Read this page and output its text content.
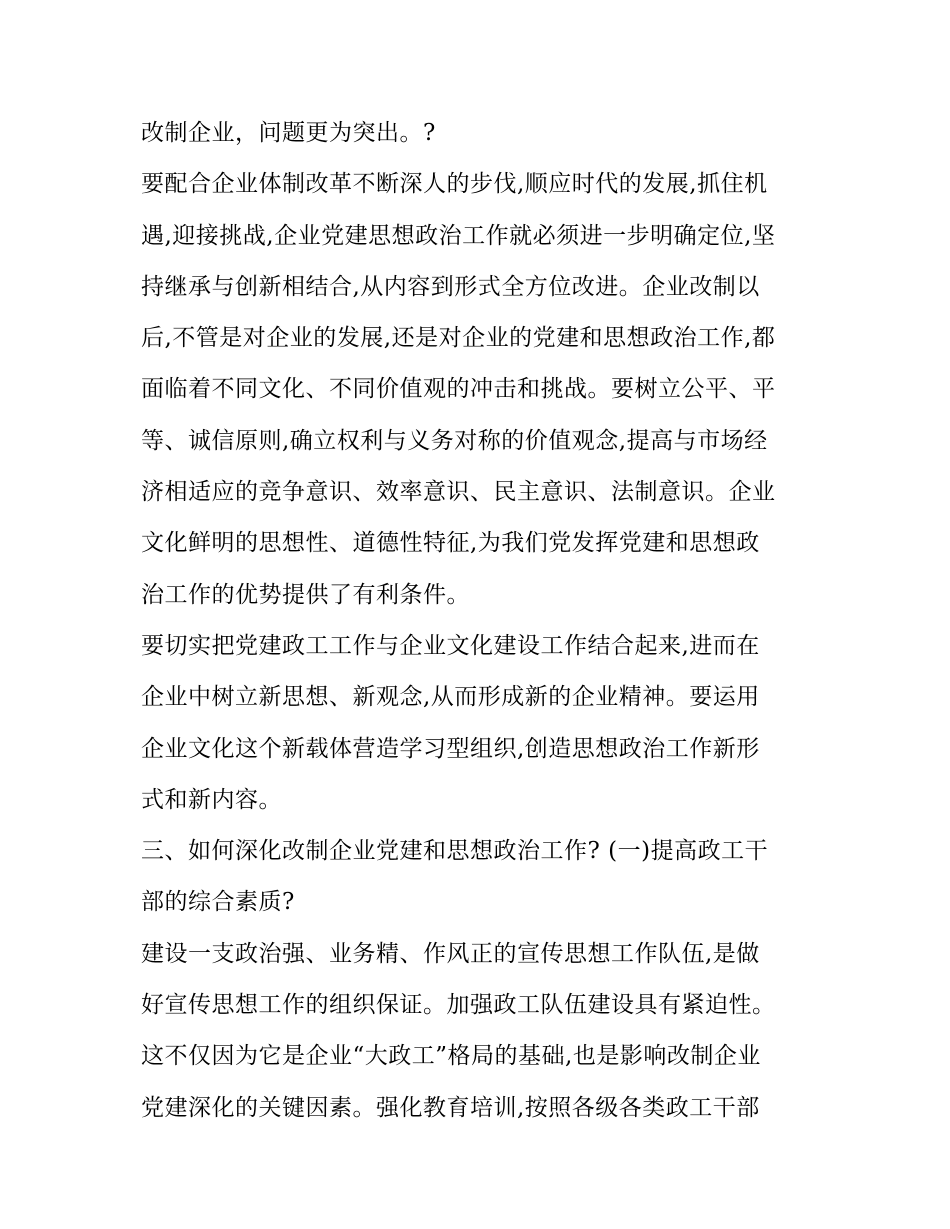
改制企业，问题更为突出。?
要配合企业体制改革不断深人的步伐,顺应时代的发展,抓住机
遇,迎接挑战,企业党建思想政治工作就必须进一步明确定位,坚
持继承与创新相结合,从内容到形式全方位改进。企业改制以
后,不管是对企业的发展,还是对企业的党建和思想政治工作,都
面临着不同文化、不同价值观的冲击和挑战。要树立公平、平
等、诚信原则,确立权利与义务对称的价值观念,提高与市场经
济相适应的竞争意识、效率意识、民主意识、法制意识。企业
文化鲜明的思想性、道德性特征,为我们党发挥党建和思想政
治工作的优势提供了有利条件。
要切实把党建政工工作与企业文化建设工作结合起来,进而在
企业中树立新思想、新观念,从而形成新的企业精神。要运用
企业文化这个新载体营造学习型组织,创造思想政治工作新形
式和新内容。
三、如何深化改制企业党建和思想政治工作? (一)提高政工干
部的综合素质?
建设一支政治强、业务精、作风正的宣传思想工作队伍,是做
好宣传思想工作的组织保证。加强政工队伍建设具有紧迫性。
这不仅因为它是企业“大政工”格局的基础,也是影响改制企业
党建深化的关键因素。强化教育培训,按照各级各类政工干部
